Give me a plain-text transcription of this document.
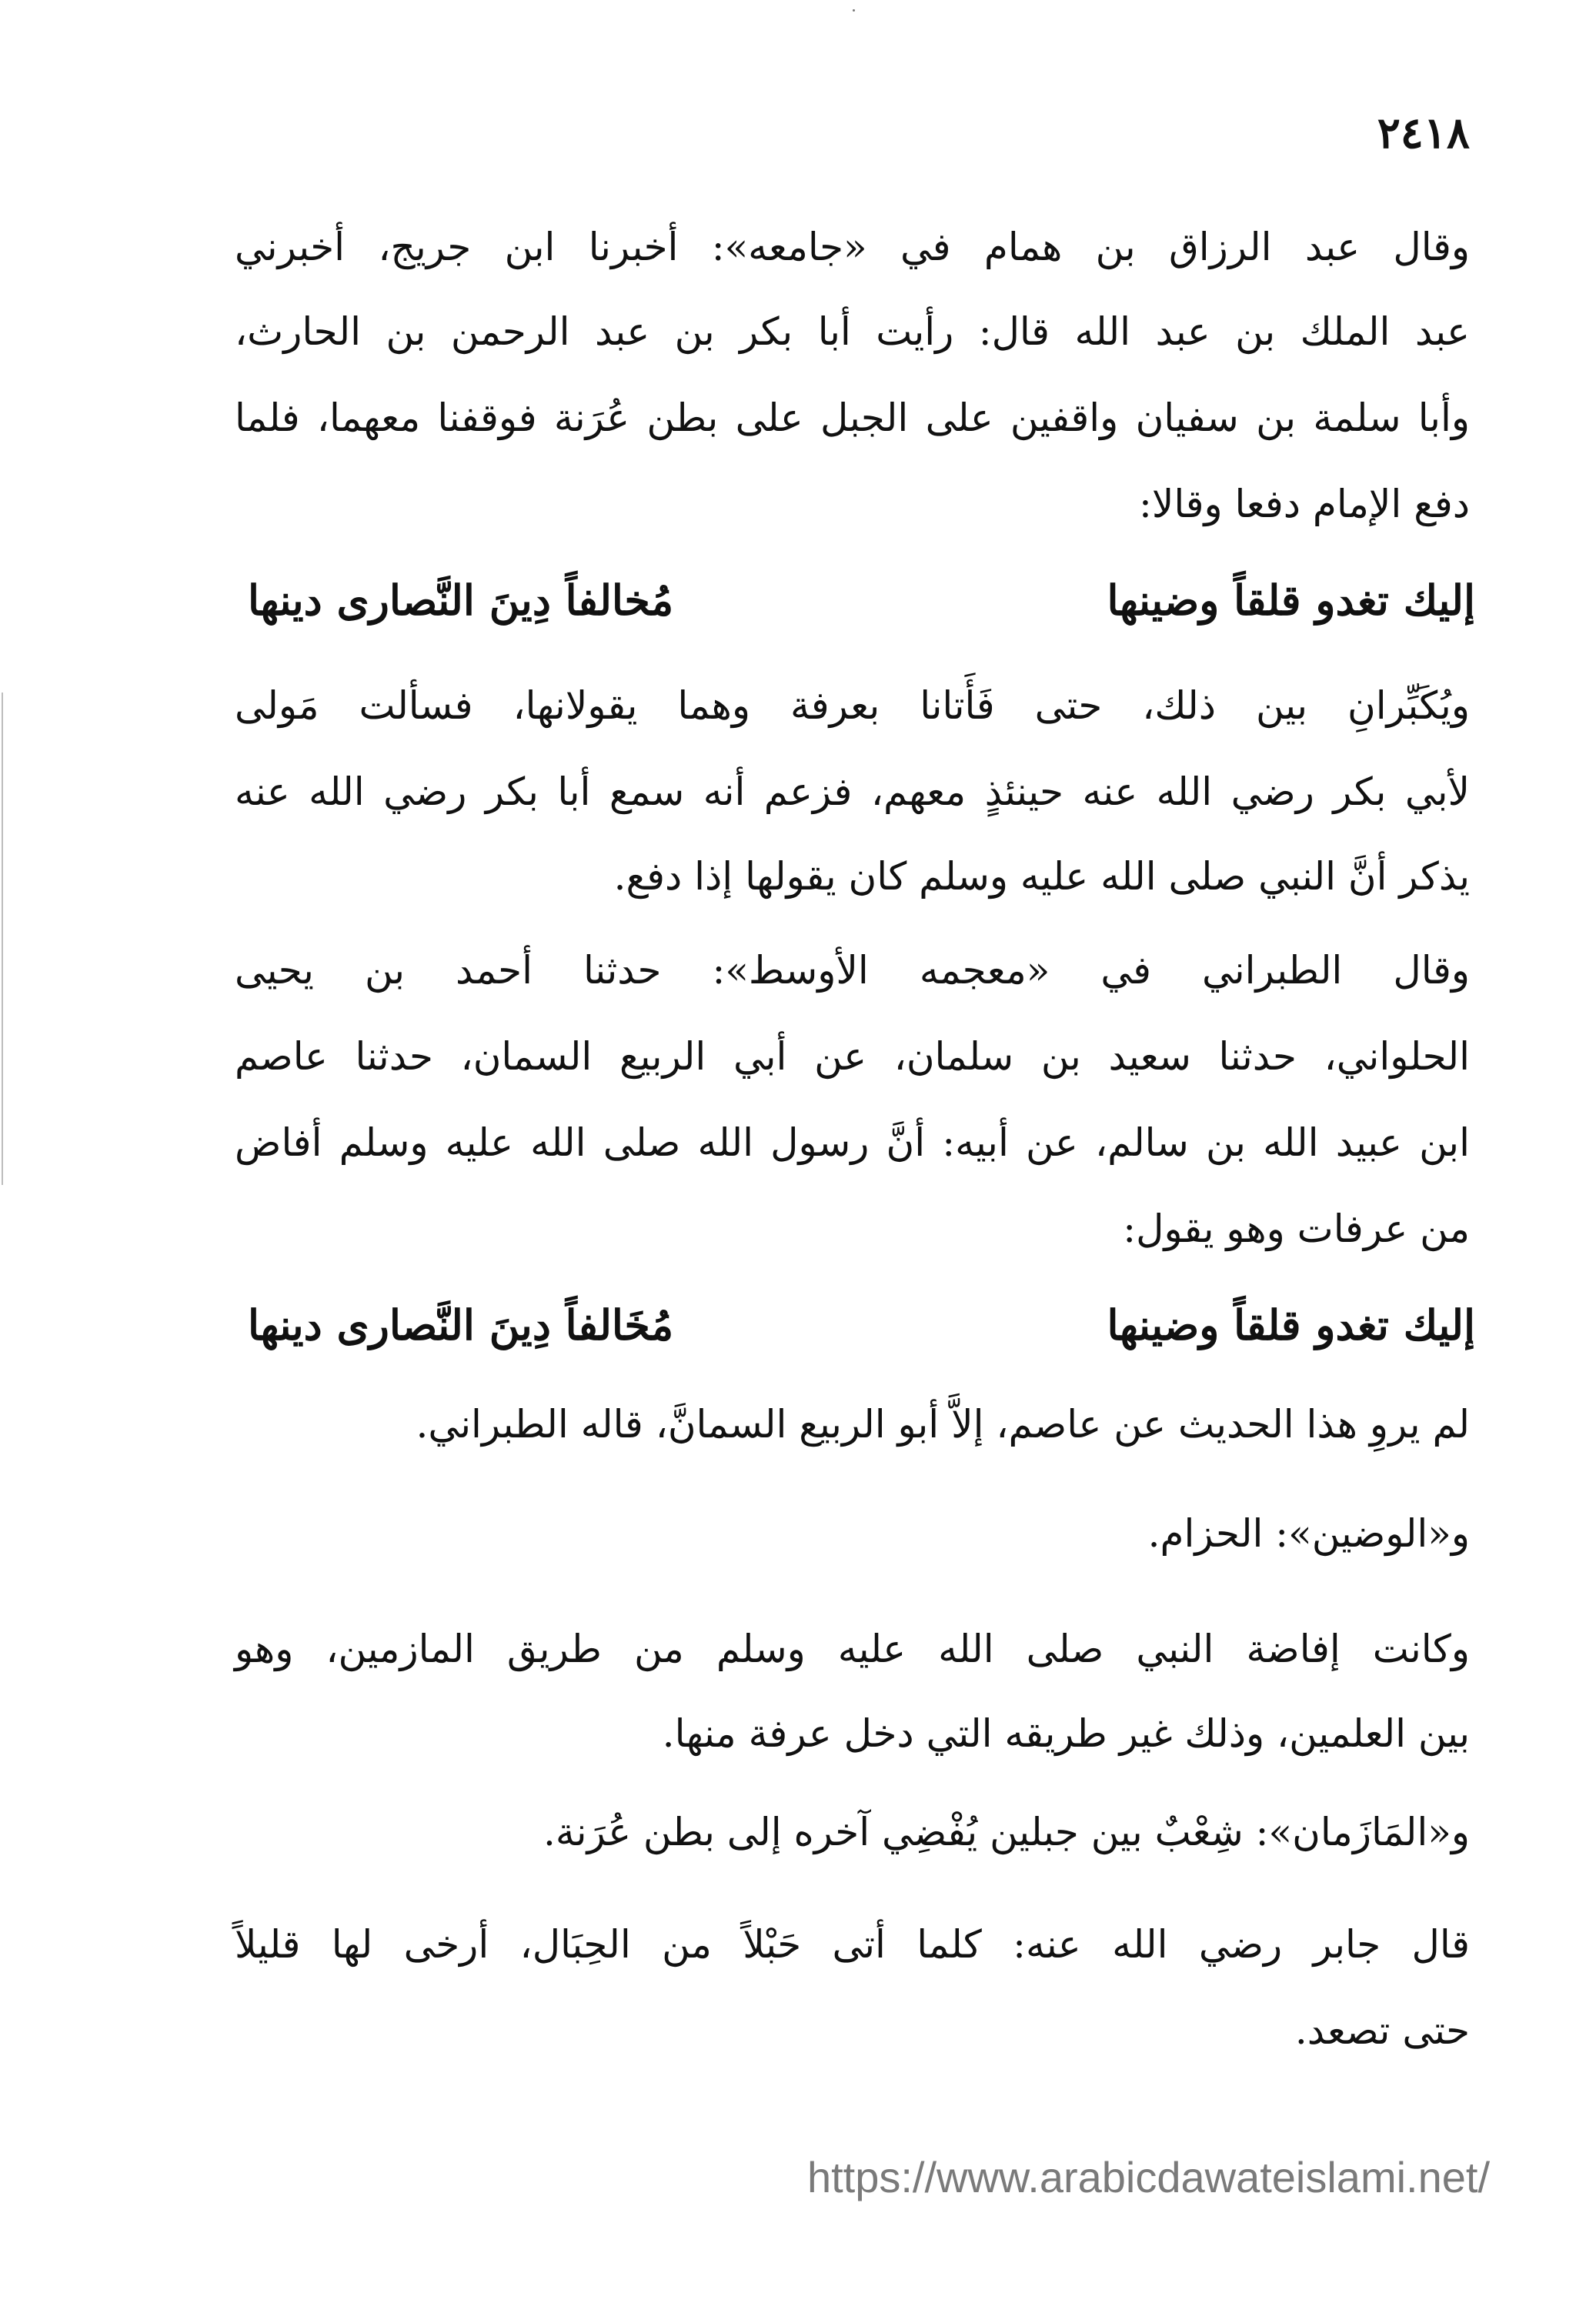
٢٤١٨
وقال عبد الرزاق بن همام في «جامعه»: أخبرنا ابن جريج، أخبرني
عبد الملك بن عبد الله قال: رأيت أبا بكر بن عبد الرحمن بن الحارث،
وأبا سلمة بن سفيان واقفين على الجبل على بطن عُرَنة فوقفنا معهما، فلما
دفع الإمام دفعا وقالا:
إليك تغدو قلقاً وضينها
مُخالفاً دِينَ النَّصارى دينها
ويُكَبِّرانِ بين ذلك، حتى فَأَتانا بعرفة وهما يقولانها، فسألت مَولى
لأبي بكر رضي الله عنه حينئذٍ معهم، فزعم أنه سمع أبا بكر رضي الله عنه
يذكر أنَّ النبي صلى الله عليه وسلم كان يقولها إذا دفع.
وقال الطبراني في «معجمه الأوسط»: حدثنا أحمد بن يحيى
الحلواني، حدثنا سعيد بن سلمان، عن أبي الربيع السمان، حدثنا عاصم
ابن عبيد الله بن سالم، عن أبيه: أنَّ رسول الله صلى الله عليه وسلم أفاض
من عرفات وهو يقول:
إليك تغدو قلقاً وضينها
مُخَالفاً دِينَ النَّصارى دينها
لم يروِ هذا الحديث عن عاصم، إلاَّ أبو الربيع السمانَّ، قاله الطبراني.
و«الوضين»: الحزام.
وكانت إفاضة النبي صلى الله عليه وسلم من طريق المازمين، وهو
بين العلمين، وذلك غير طريقه التي دخل عرفة منها.
و«المَازَمان»: شِعْبٌ بين جبلين يُفْضِي آخره إلى بطن عُرَنة.
قال جابر رضي الله عنه: كلما أتى حَبْلاً من الحِبَال، أرخى لها قليلاً
حتى تصعد.
https://www.arabicdawateislami.net/
